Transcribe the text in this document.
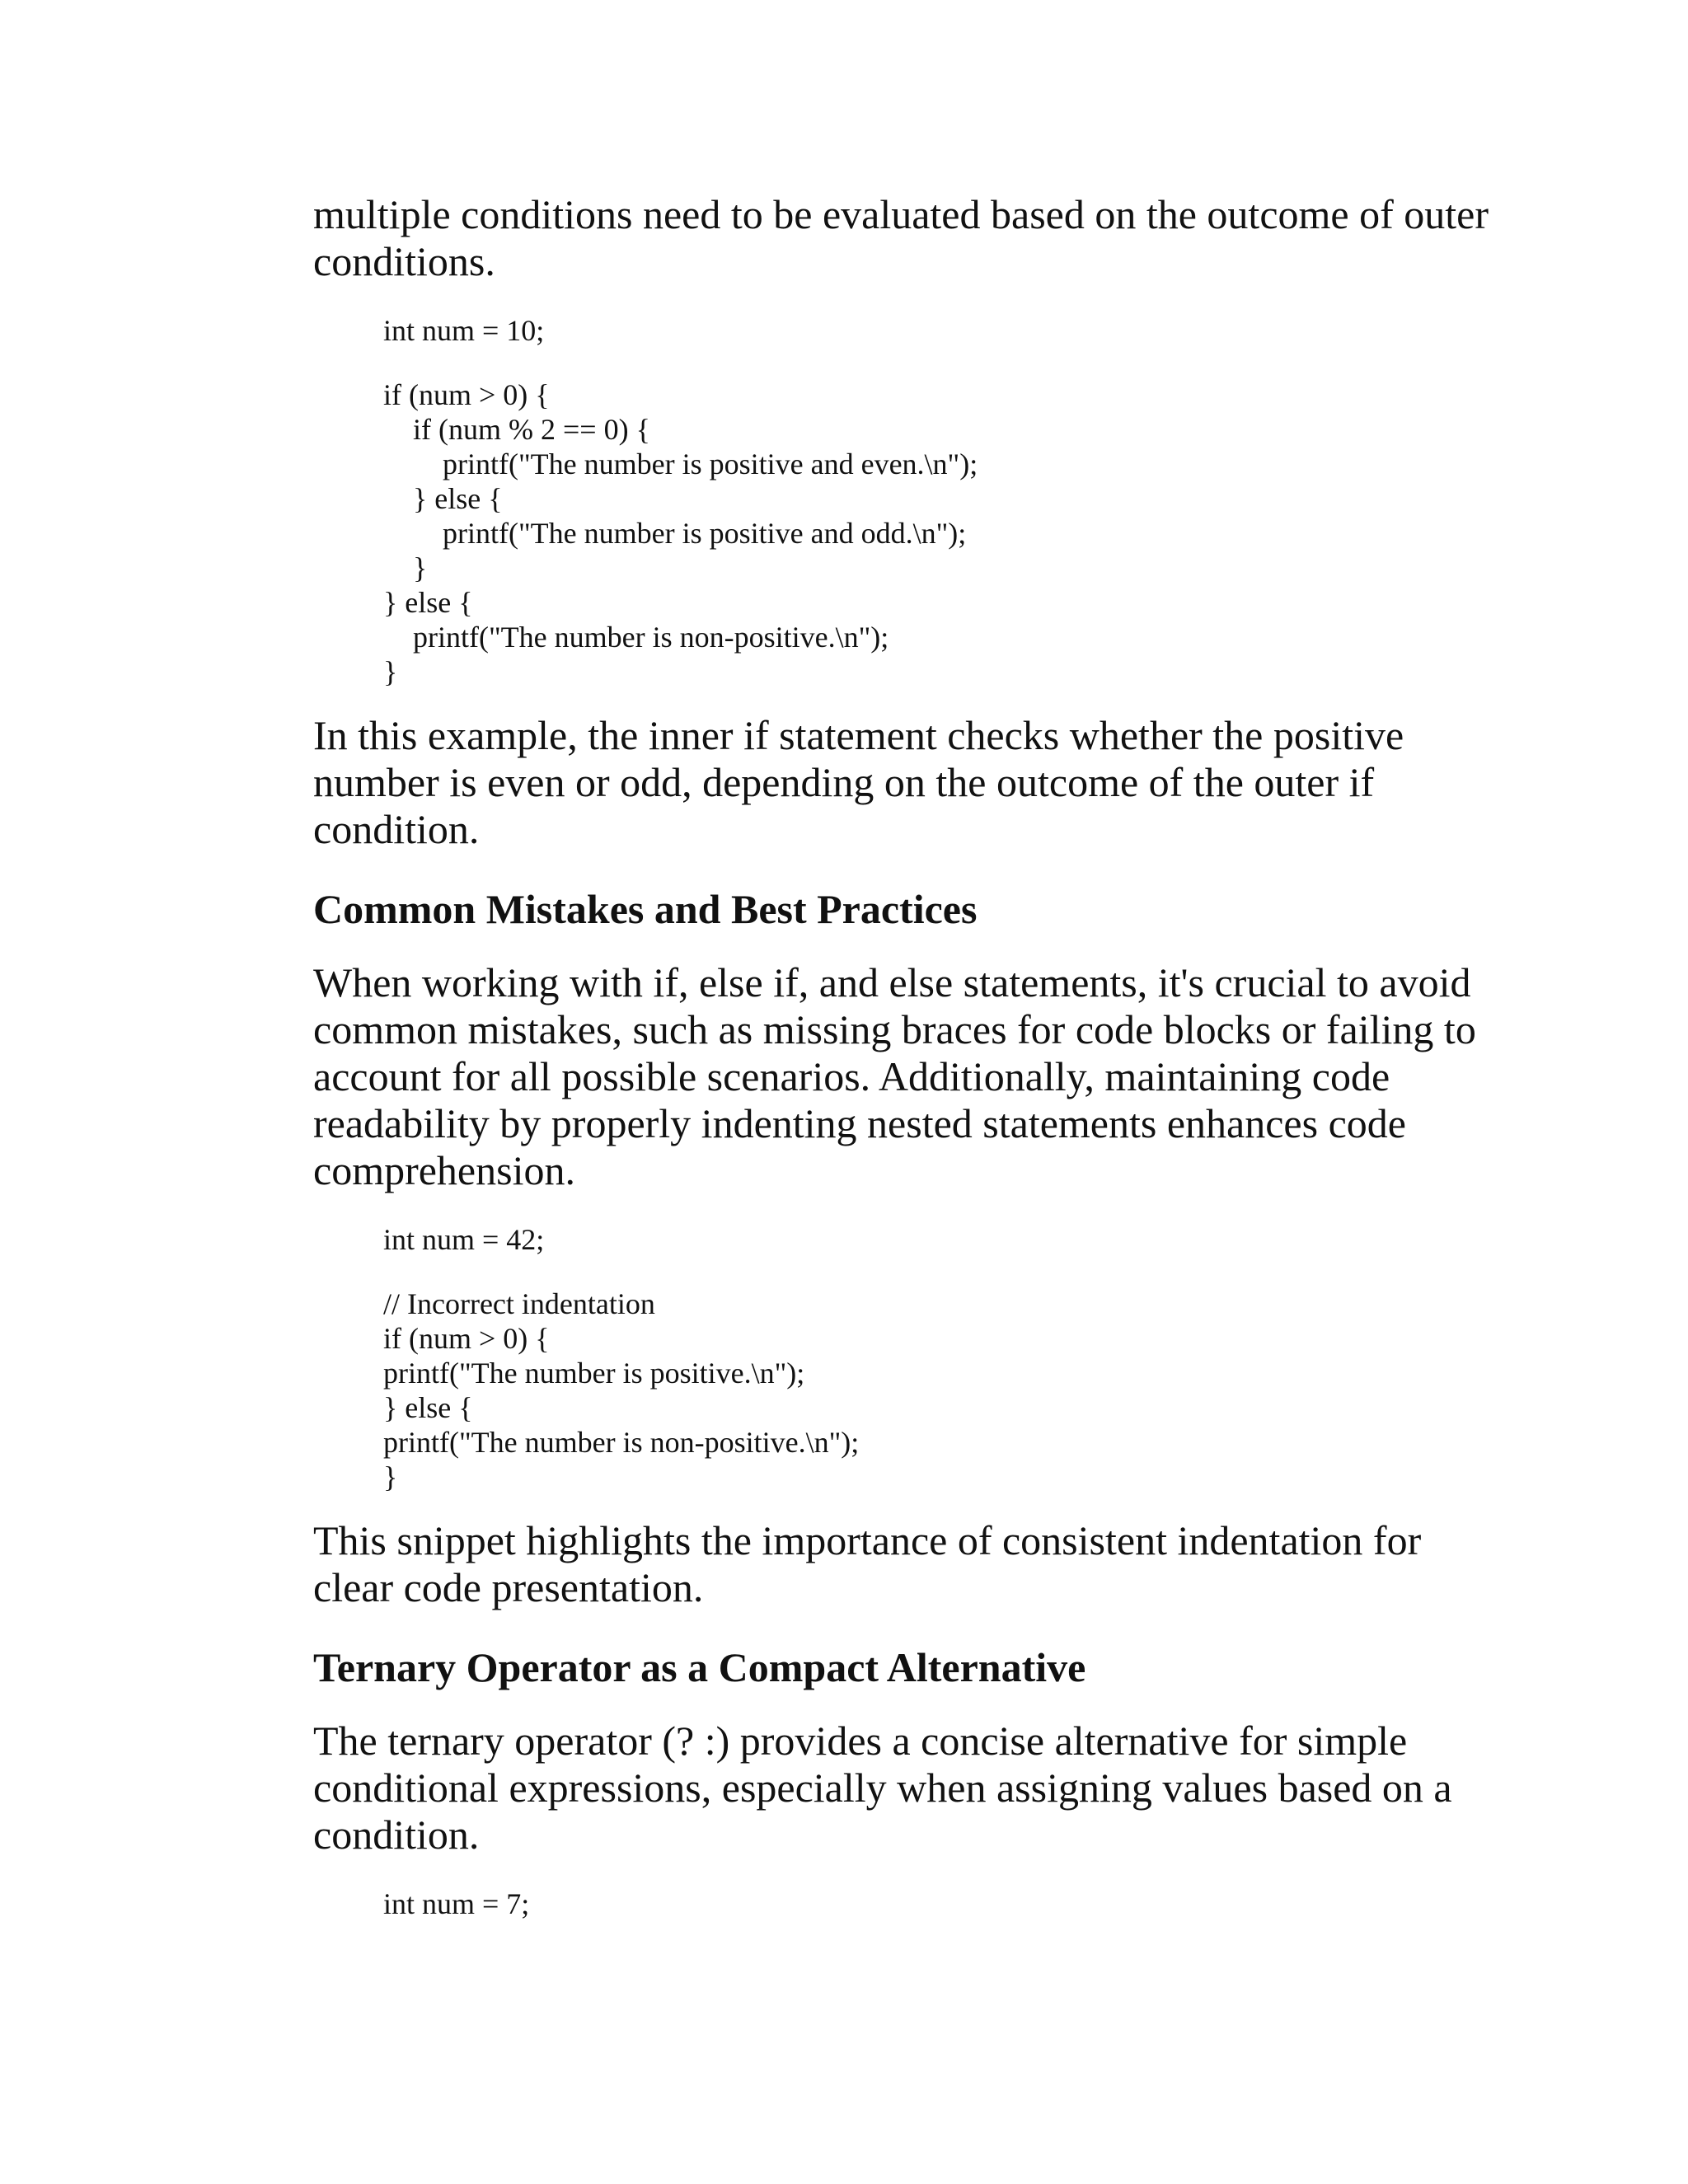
multiple conditions need to be evaluated based on the outcome of outer conditions.

int num = 10;
if (num > 0) {
if (num % 2 == 0) {
printf("The number is positive and even.\n");
} else {
printf("The number is positive and odd.\n");
}
} else {
printf("The number is non-positive.\n");
}

In this example, the inner if statement checks whether the positive number is even or odd, depending on the outcome of the outer if condition.

Common Mistakes and Best Practices

When working with if, else if, and else statements, it's crucial to avoid common mistakes, such as missing braces for code blocks or failing to account for all possible scenarios. Additionally, maintaining code readability by properly indenting nested statements enhances code comprehension.

int num = 42;
// Incorrect indentation
if (num > 0) {
printf("The number is positive.\n");
} else {
printf("The number is non-positive.\n");
}

This snippet highlights the importance of consistent indentation for clear code presentation.

Ternary Operator as a Compact Alternative

The ternary operator (? :) provides a concise alternative for simple conditional expressions, especially when assigning values based on a condition.

int num = 7;
